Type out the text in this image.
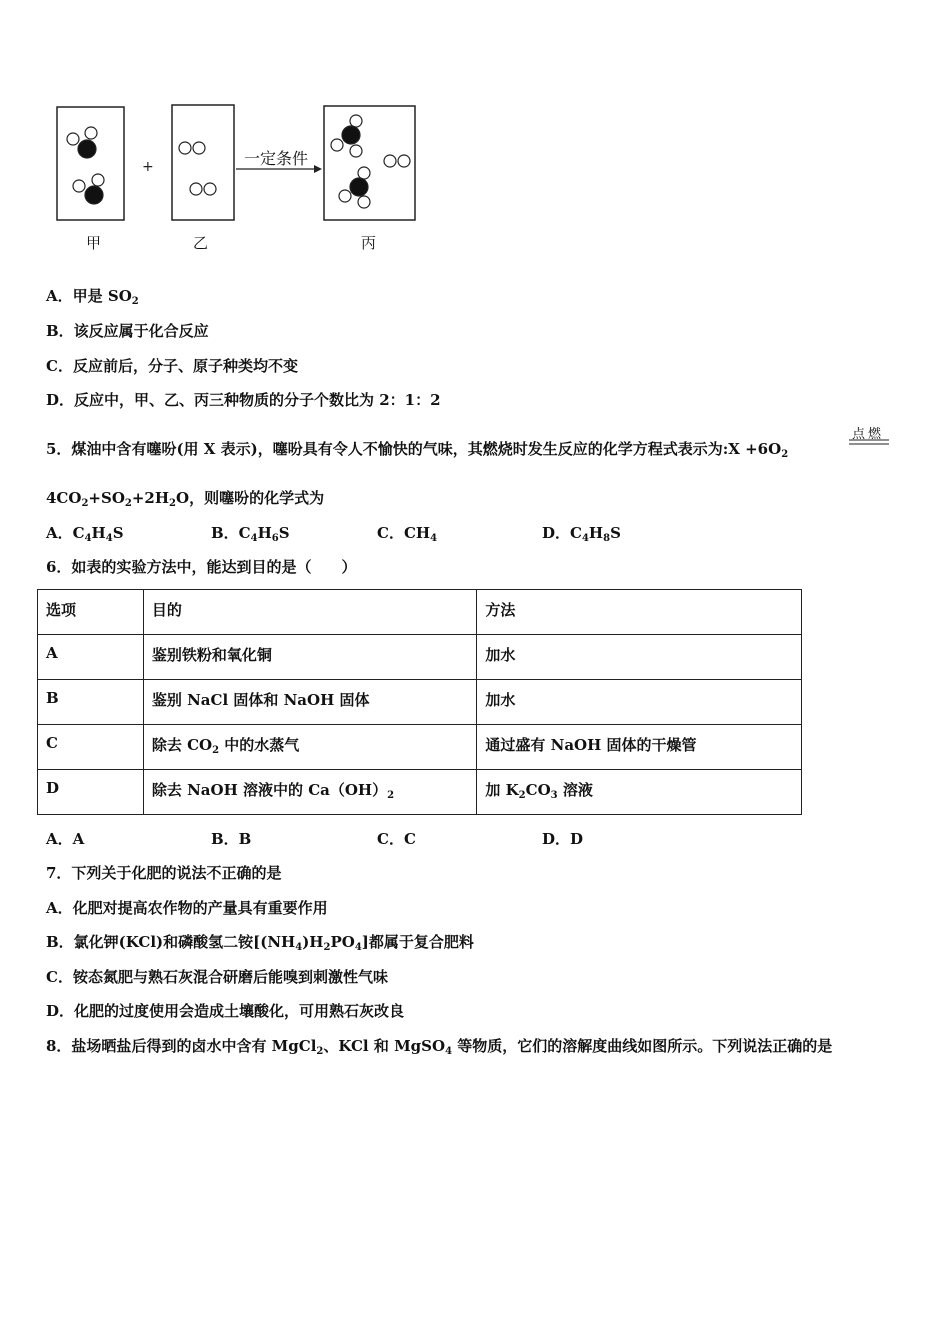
+	一定条件
甲	乙	丙
A．甲是 $SO_2$
B．该反应属于化合反应
C．反应前后，分子、原子种类均不变
D．反应中，甲、乙、丙三种物质的分子个数比为 2：1：2
5．煤油中含有噻吩(用 X 表示)，噻吩具有令人不愉快的气味，其燃烧时发生反应的化学方程式表示为:X $+6O_2$
点燃
$4CO_2+SO_2+2H_2O$，则噻吩的化学式为
A．$C_4H_4S$	B．$C_4H_6S$	C．$CH_4$	D．$C_4H_8S$
6．如表的实验方法中，能达到目的是（　　）
选项	目的	方法
A	鉴别铁粉和氧化铜	加水
B	鉴别 NaCl 固体和 NaOH 固体	加水
C	除去 $CO_2$ 中的水蒸气	通过盛有 NaOH 固体的干燥管
D	除去 NaOH 溶液中的 $Ca(OH)_2$	加 $K_2CO_3$ 溶液
A．A	B．B	C．C	D．D
7．下列关于化肥的说法不正确的是
A．化肥对提高农作物的产量具有重要作用
B．氯化钾(KCl)和磷酸氢二铵$[(NH_4)H_2PO_4]$都属于复合肥料
C．铵态氮肥与熟石灰混合研磨后能嗅到刺激性气味
D．化肥的过度使用会造成土壤酸化，可用熟石灰改良
8．盐场晒盐后得到的卤水中含有 MgCl$_2$、KCl 和 MgSO$_4$ 等物质，它们的溶解度曲线如图所示。下列说法正确的是
